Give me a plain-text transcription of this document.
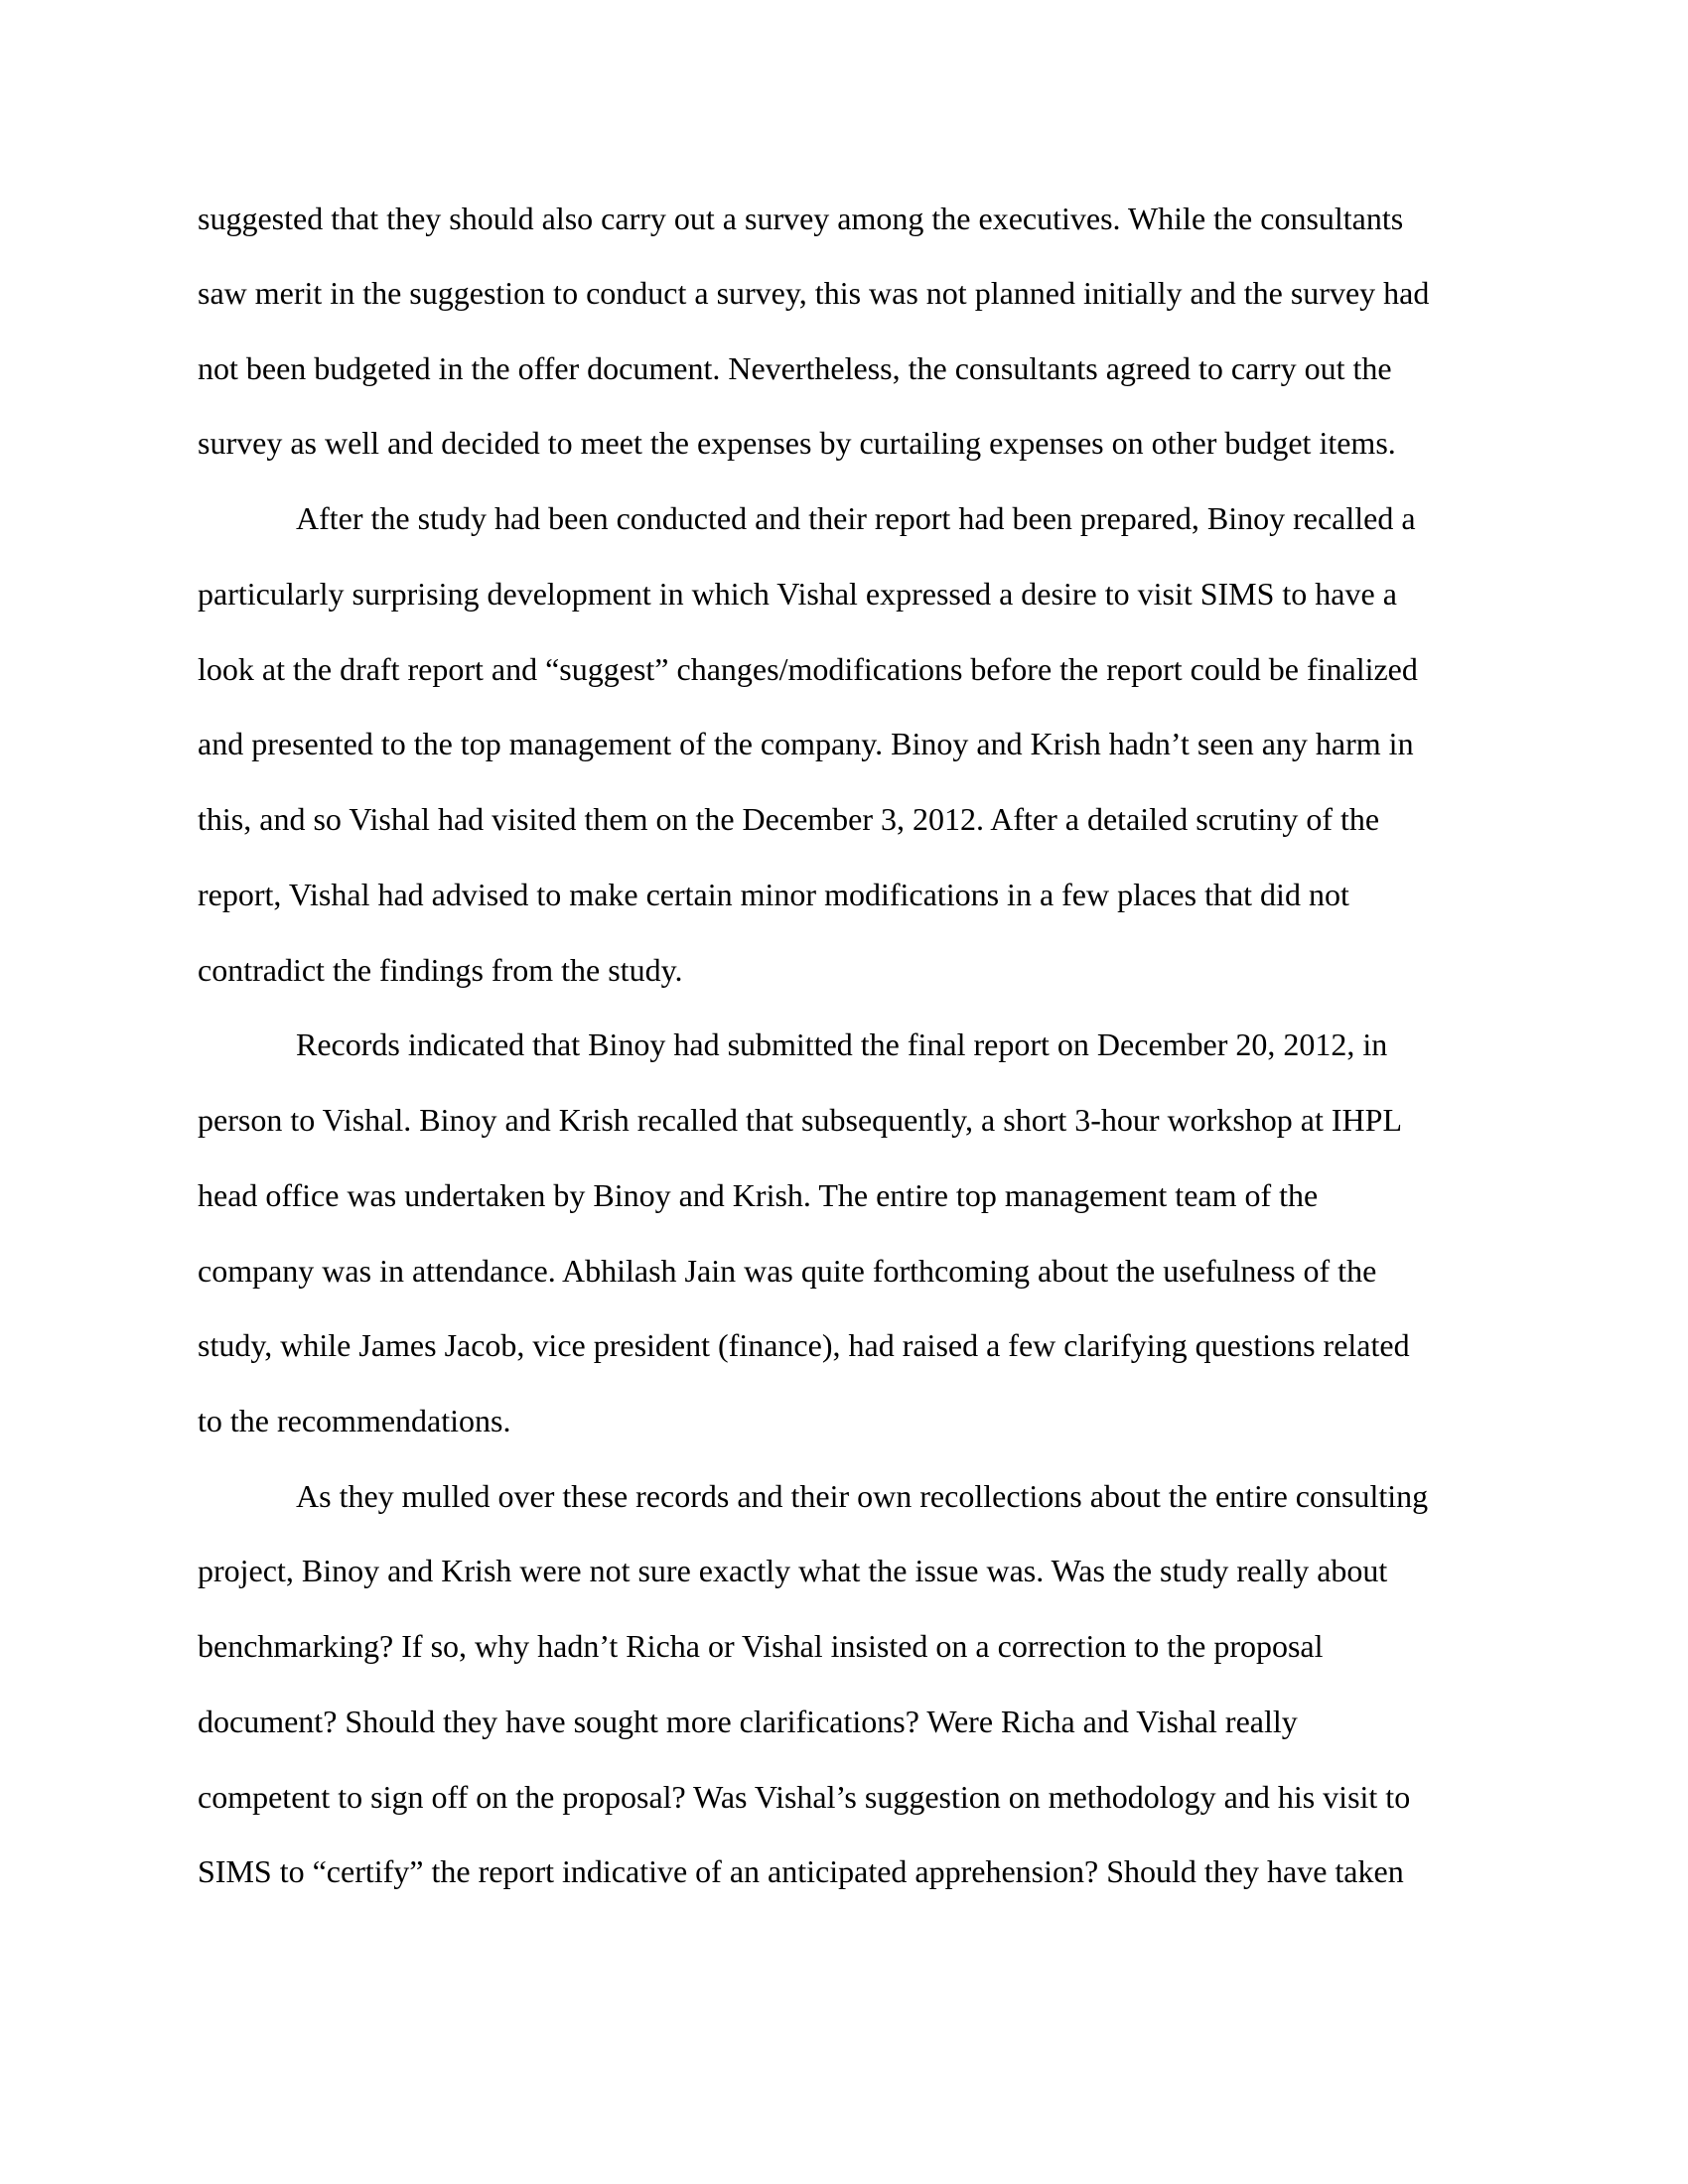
suggested that they should also carry out a survey among the executives. While the consultants

saw merit in the suggestion to conduct a survey, this was not planned initially and the survey had

not been budgeted in the offer document. Nevertheless, the consultants agreed to carry out the

survey as well and decided to meet the expenses by curtailing expenses on other budget items.

After the study had been conducted and their report had been prepared, Binoy recalled a

particularly surprising development in which Vishal expressed a desire to visit SIMS to have a

look at the draft report and “suggest” changes/modifications before the report could be finalized

and presented to the top management of the company. Binoy and Krish hadn’t seen any harm in

this, and so Vishal had visited them on the December 3, 2012. After a detailed scrutiny of the

report, Vishal had advised to make certain minor modifications in a few places that did not

contradict the findings from the study.

Records indicated that Binoy had submitted the final report on December 20, 2012, in

person to Vishal. Binoy and Krish recalled that subsequently, a short 3-hour workshop at IHPL

head office was undertaken by Binoy and Krish. The entire top management team of the

company was in attendance. Abhilash Jain was quite forthcoming about the usefulness of the

study, while James Jacob, vice president (finance), had raised a few clarifying questions related

to the recommendations.

As they mulled over these records and their own recollections about the entire consulting

project, Binoy and Krish were not sure exactly what the issue was. Was the study really about

benchmarking? If so, why hadn’t Richa or Vishal insisted on a correction to the proposal

document? Should they have sought more clarifications? Were Richa and Vishal really

competent to sign off on the proposal? Was Vishal’s suggestion on methodology and his visit to

SIMS to “certify” the report indicative of an anticipated apprehension? Should they have taken
